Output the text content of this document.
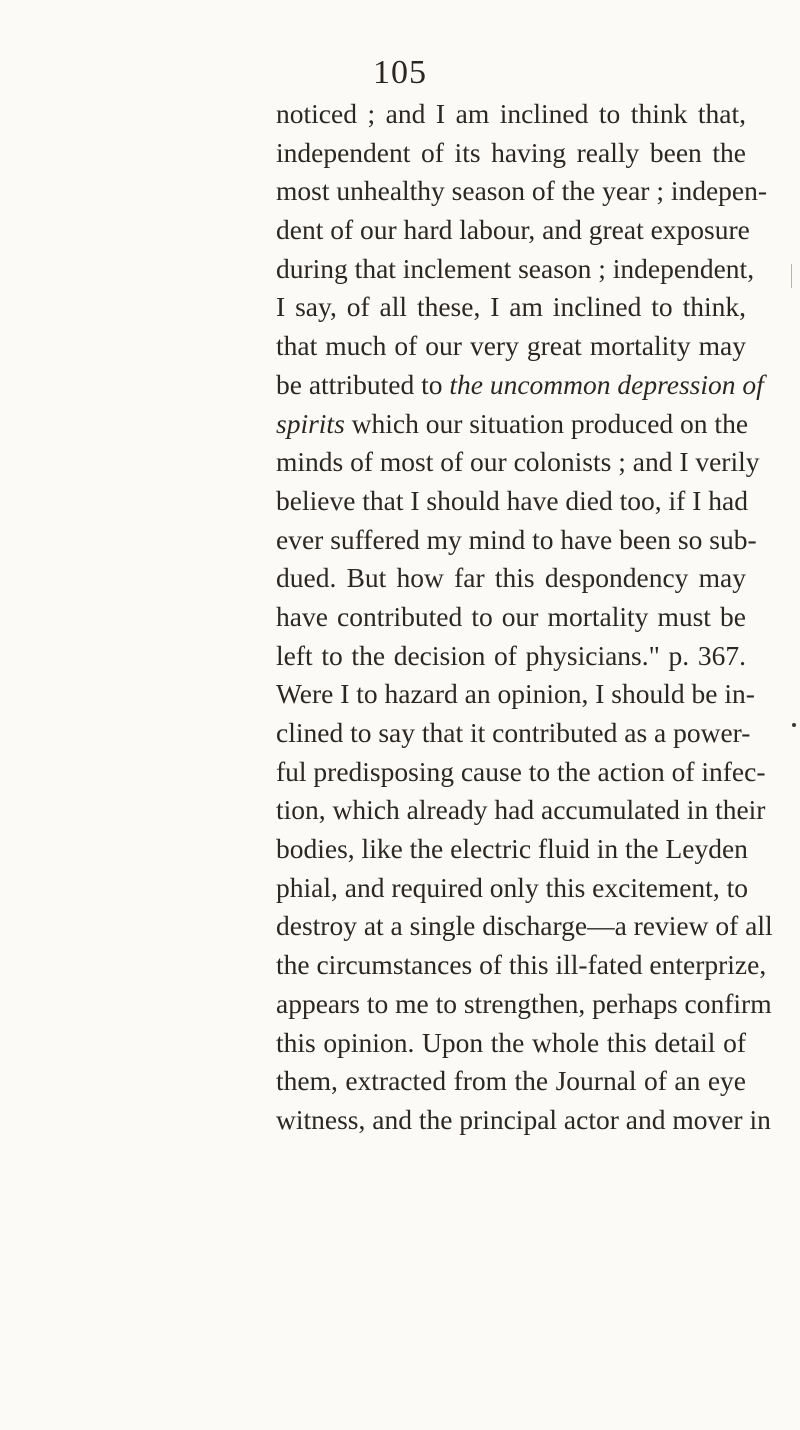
105
noticed ; and I am inclined to think that,
independent of its having really been the
most unhealthy season of the year ; indepen-
dent of our hard labour, and great exposure
during that inclement season ; independent,
I say, of all these, I am inclined to think,
that much of our very great mortality may
be attributed to the uncommon depression of
spirits which our situation produced on the
minds of most of our colonists ; and I verily
believe that I should have died too, if I had
ever suffered my mind to have been so sub-
dued. But how far this despondency may
have contributed to our mortality must be
left to the decision of physicians." p. 367.
Were I to hazard an opinion, I should be in-
clined to say that it contributed as a power-
ful predisposing cause to the action of infec-
tion, which already had accumulated in their
bodies, like the electric fluid in the Leyden
phial, and required only this excitement, to
destroy at a single discharge—a review of all
the circumstances of this ill-fated enterprize,
appears to me to strengthen, perhaps confirm
this opinion. Upon the whole this detail of
them, extracted from the Journal of an eye
witness, and the principal actor and mover in
